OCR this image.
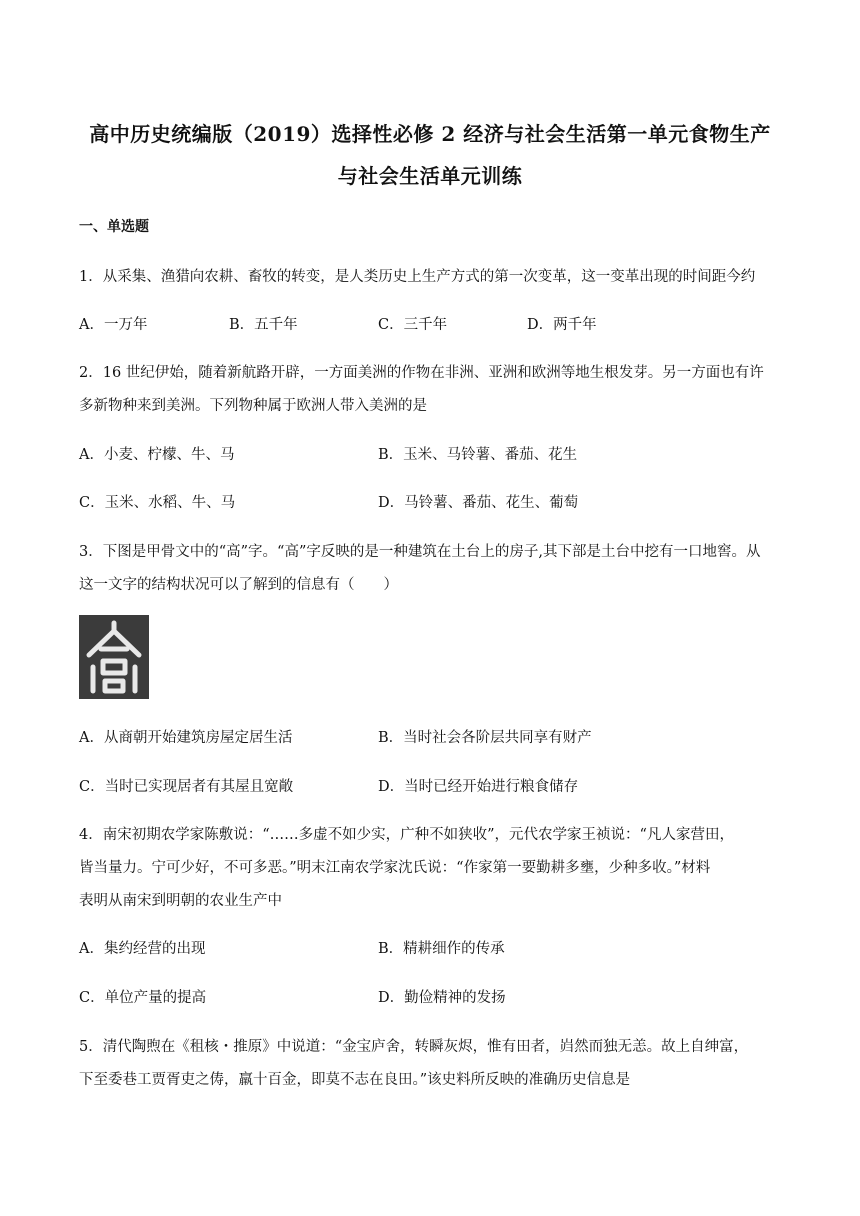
高中历史统编版（2019）选择性必修 2 经济与社会生活第一单元食物生产
与社会生活单元训练
一、单选题
1．从采集、渔猎向农耕、畜牧的转变，是人类历史上生产方式的第一次变革，这一变革出现的时间距今约
A．一万年	B．五千年	C．三千年	D．两千年
2．16 世纪伊始，随着新航路开辟，一方面美洲的作物在非洲、亚洲和欧洲等地生根发芽。另一方面也有许
多新物种来到美洲。下列物种属于欧洲人带入美洲的是
A．小麦、柠檬、牛、马	B．玉米、马铃薯、番茄、花生
C．玉米、水稻、牛、马	D．马铃薯、番茄、花生、葡萄
3．下图是甲骨文中的“高”字。“高”字反映的是一种建筑在土台上的房子,其下部是土台中挖有一口地窖。从
这一文字的结构状况可以了解到的信息有（　　）
A．从商朝开始建筑房屋定居生活	B．当时社会各阶层共同享有财产
C．当时已实现居者有其屋且宽敞	D．当时已经开始进行粮食储存
4．南宋初期农学家陈敷说：“……多虚不如少实，广种不如狭收”，元代农学家王祯说：“凡人家营田，
皆当量力。宁可少好，不可多恶。”明末江南农学家沈氏说：“作家第一要勤耕多壅，少种多收。”材料
表明从南宋到明朝的农业生产中
A．集约经营的出现	B．精耕细作的传承
C．单位产量的提高	D．勤俭精神的发扬
5．清代陶煦在《租核・推原》中说道：“金宝庐舍，转瞬灰烬，惟有田者，岿然而独无恙。故上自绅富，
下至委巷工贾胥吏之俦，羸十百金，即莫不志在良田。”该史料所反映的准确历史信息是
